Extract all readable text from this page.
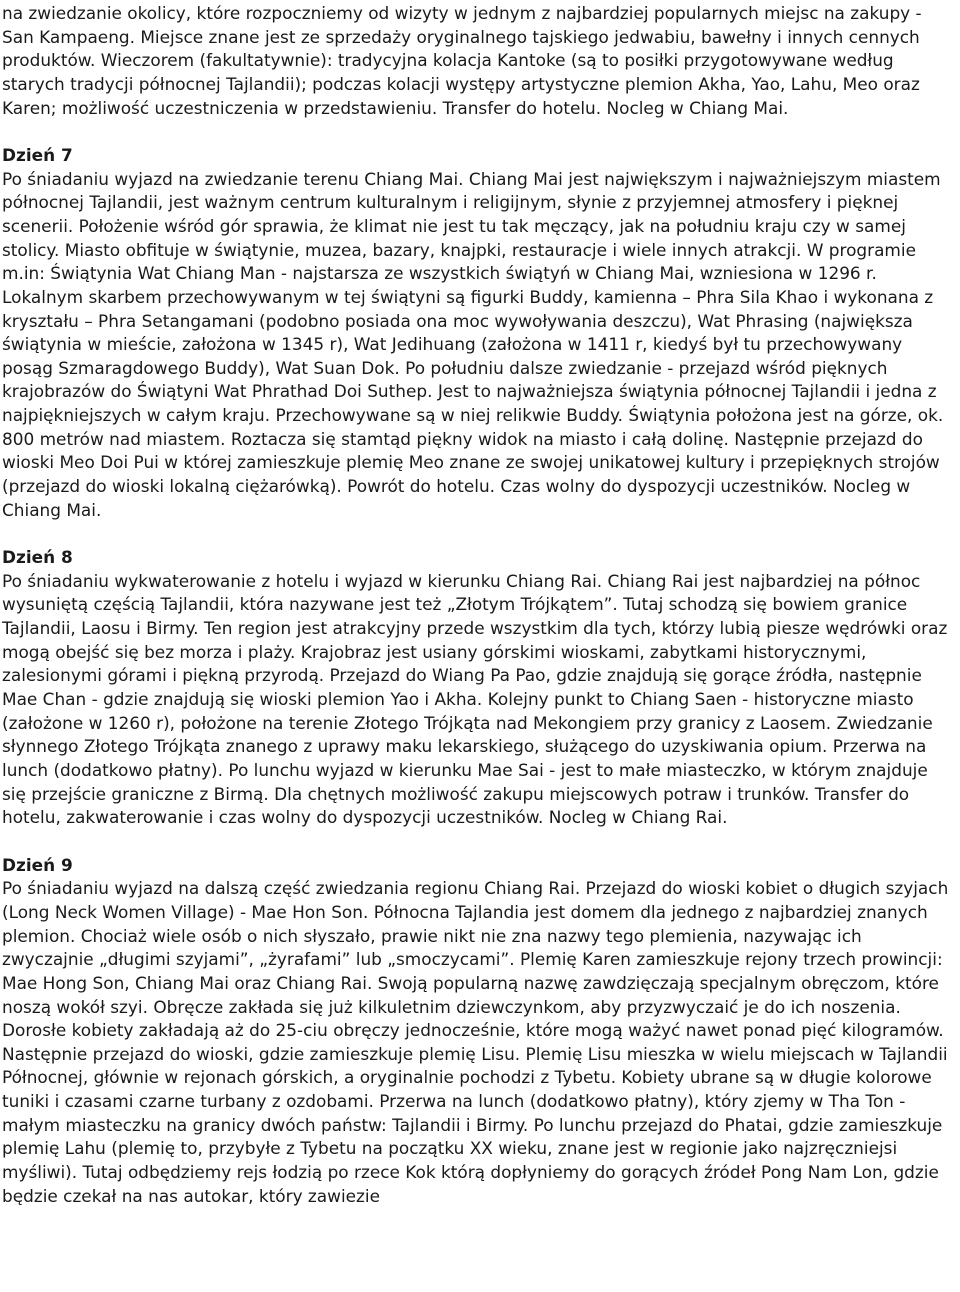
na zwiedzanie okolicy, które rozpoczniemy od wizyty w jednym z najbardziej popularnych miejsc na zakupy - San Kampaeng. Miejsce znane jest ze sprzedaży oryginalnego tajskiego jedwabiu, bawełny i innych cennych produktów. Wieczorem (fakultatywnie): tradycyjna kolacja Kantoke (są to posiłki przygotowywane według starych tradycji północnej Tajlandii); podczas kolacji występy artystyczne plemion Akha, Yao, Lahu, Meo oraz Karen; możliwość uczestniczenia w przedstawieniu. Transfer do hotelu. Nocleg w Chiang Mai.

Dzień 7

Po śniadaniu wyjazd na zwiedzanie terenu Chiang Mai. Chiang Mai jest największym i najważniejszym miastem północnej Tajlandii, jest ważnym centrum kulturalnym i religijnym, słynie z przyjemnej atmosfery i pięknej scenerii. Położenie wśród gór sprawia, że klimat nie jest tu tak męczący, jak na południu kraju czy w samej stolicy. Miasto obfituje w świątynie, muzea, bazary, knajpki, restauracje i wiele innych atrakcji. W programie m.in: Świątynia Wat Chiang Man - najstarsza ze wszystkich świątyń w Chiang Mai, wzniesiona w 1296 r. Lokalnym skarbem przechowywanym w tej świątyni są figurki Buddy, kamienna – Phra Sila Khao i wykonana z kryształu – Phra Setangamani (podobno posiada ona moc wywoływania deszczu), Wat Phrasing (największa świątynia w mieście, założona w 1345 r), Wat Jedihuang (założona w 1411 r, kiedyś był tu przechowywany posąg Szmaragdowego Buddy), Wat Suan Dok. Po południu dalsze zwiedzanie - przejazd wśród pięknych krajobrazów do Świątyni Wat Phrathad Doi Suthep. Jest to najważniejsza świątynia północnej Tajlandii i jedna z najpiękniejszych w całym kraju. Przechowywane są w niej relikwie Buddy. Świątynia położona jest na górze, ok. 800 metrów nad miastem. Roztacza się stamtąd piękny widok na miasto i całą dolinę. Następnie przejazd do wioski Meo Doi Pui w której zamieszkuje plemię Meo znane ze swojej unikatowej kultury i przepięknych strojów (przejazd do wioski lokalną ciężarówką). Powrót do hotelu. Czas wolny do dyspozycji uczestników. Nocleg w Chiang Mai.

Dzień 8

Po śniadaniu wykwaterowanie z hotelu i wyjazd w kierunku Chiang Rai. Chiang Rai jest najbardziej na północ wysuniętą częścią Tajlandii, która nazywane jest też „Złotym Trójkątem”. Tutaj schodzą się bowiem granice Tajlandii, Laosu i Birmy. Ten region jest atrakcyjny przede wszystkim dla tych, którzy lubią piesze wędrówki oraz mogą obejść się bez morza i plaży. Krajobraz jest usiany górskimi wioskami, zabytkami historycznymi, zalesionymi górami i piękną przyrodą. Przejazd do Wiang Pa Pao, gdzie znajdują się gorące źródła, następnie Mae Chan - gdzie znajdują się wioski plemion Yao i Akha. Kolejny punkt to Chiang Saen - historyczne miasto (założone w 1260 r), położone na terenie Złotego Trójkąta nad Mekongiem przy granicy z Laosem. Zwiedzanie słynnego Złotego Trójkąta znanego z uprawy maku lekarskiego, służącego do uzyskiwania opium. Przerwa na lunch (dodatkowo płatny). Po lunchu wyjazd w kierunku Mae Sai - jest to małe miasteczko, w którym znajduje się przejście graniczne z Birmą. Dla chętnych możliwość zakupu miejscowych potraw i trunków. Transfer do hotelu, zakwaterowanie i czas wolny do dyspozycji uczestników. Nocleg w Chiang Rai.

Dzień 9

Po śniadaniu wyjazd na dalszą część zwiedzania regionu Chiang Rai. Przejazd do wioski kobiet o długich szyjach (Long Neck Women Village) - Mae Hon Son. Północna Tajlandia jest domem dla jednego z najbardziej znanych plemion. Chociaż wiele osób o nich słyszało, prawie nikt nie zna nazwy tego plemienia, nazywając ich zwyczajnie „długimi szyjami”, „żyrafami” lub „smoczycami”. Plemię Karen zamieszkuje rejony trzech prowincji: Mae Hong Son, Chiang Mai oraz Chiang Rai. Swoją popularną nazwę zawdzięczają specjalnym obręczom, które noszą wokół szyi. Obręcze zakłada się już kilkuletnim dziewczynkom, aby przyzwyczaić je do ich noszenia. Dorosłe kobiety zakładają aż do 25-ciu obręczy jednocześnie, które mogą ważyć nawet ponad pięć kilogramów. Następnie przejazd do wioski, gdzie zamieszkuje plemię Lisu. Plemię Lisu mieszka w wielu miejscach w Tajlandii Północnej, głównie w rejonach górskich, a oryginalnie pochodzi z Tybetu. Kobiety ubrane są w długie kolorowe tuniki i czasami czarne turbany z ozdobami. Przerwa na lunch (dodatkowo płatny), który zjemy w Tha Ton - małym miasteczku na granicy dwóch państw: Tajlandii i Birmy. Po lunchu przejazd do Phatai, gdzie zamieszkuje plemię Lahu (plemię to, przybyłe z Tybetu na początku XX wieku, znane jest w regionie jako najzręczniejsi myśliwi). Tutaj odbędziemy rejs łodzią po rzece Kok którą dopłyniemy do gorących źródeł Pong Nam Lon, gdzie będzie czekał na nas autokar, który zawiezie
